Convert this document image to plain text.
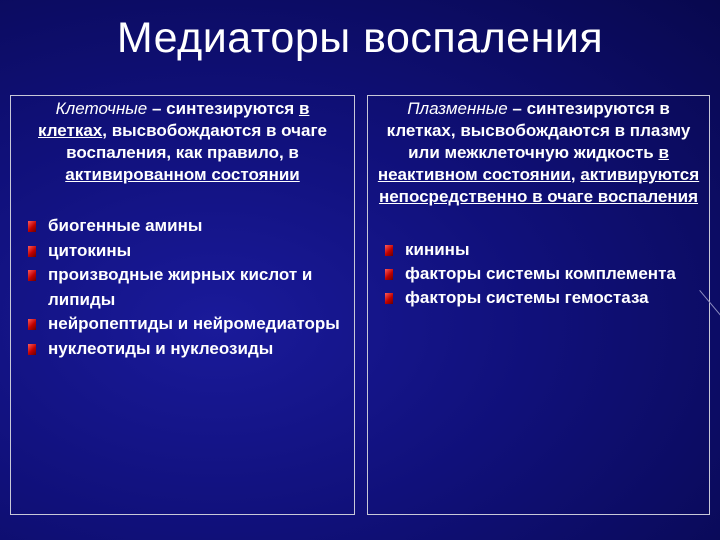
Медиаторы воспаления
Клеточные – синтезируются в
клетках, высвобождаются в очаге воспаления, как правило, в активированном состоянии
биогенные амины
цитокины
производные жирных кислот и липиды
нейропептиды и нейромедиаторы
нуклеотиды и нуклеозиды
Плазменные – синтезируются в клетках, высвобождаются в плазму или межклеточную жидкость в неактивном состоянии, активируются непосредственно в очаге воспаления
кинины
факторы системы комплемента
факторы системы гемостаза
